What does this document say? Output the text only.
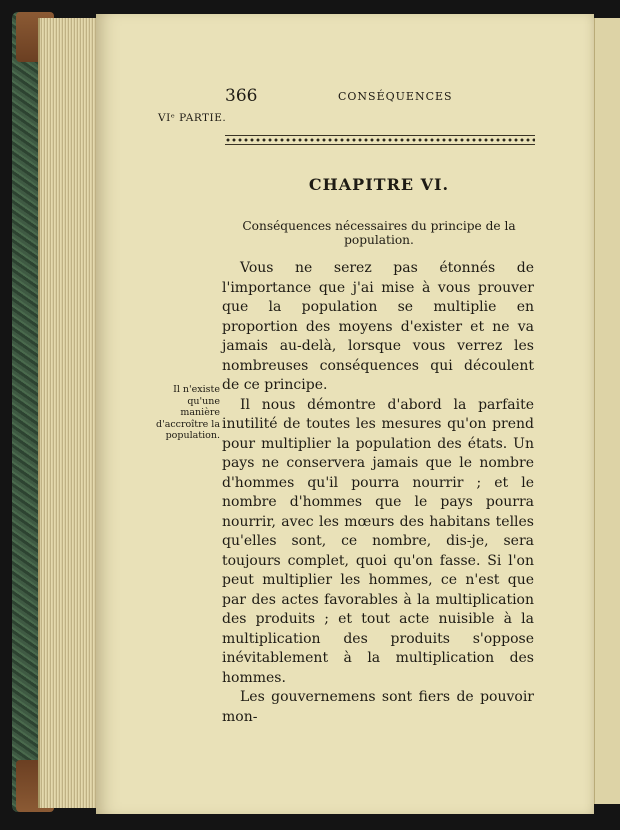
366	CONSÉQUENCES
VIᵉ PARTIE.
CHAPITRE VI.
Conséquences nécessaires du principe de la population.

Vous ne serez pas étonnés de l'importance que j'ai mise à vous prouver que la population se multiplie en proportion des moyens d'exister et ne va jamais au-delà, lorsque vous verrez les nombreuses conséquences qui découlent de ce principe.

Il nous démontre d'abord la parfaite inutilité de toutes les mesures qu'on prend pour multiplier la population des états. Un pays ne conservera jamais que le nombre d'hommes qu'il pourra nourrir ; et le nombre d'hommes que le pays pourra nourrir, avec les mœurs des habitans telles qu'elles sont, ce nombre, dis-je, sera toujours complet, quoi qu'on fasse. Si l'on peut multiplier les hommes, ce n'est que par des actes favorables à la multiplication des produits ; et tout acte nuisible à la multiplication des produits s'oppose inévitablement à la multiplication des hommes.

Les gouvernemens sont fiers de pouvoir mon-

Il n'existe qu'une manière d'accroître la population.
